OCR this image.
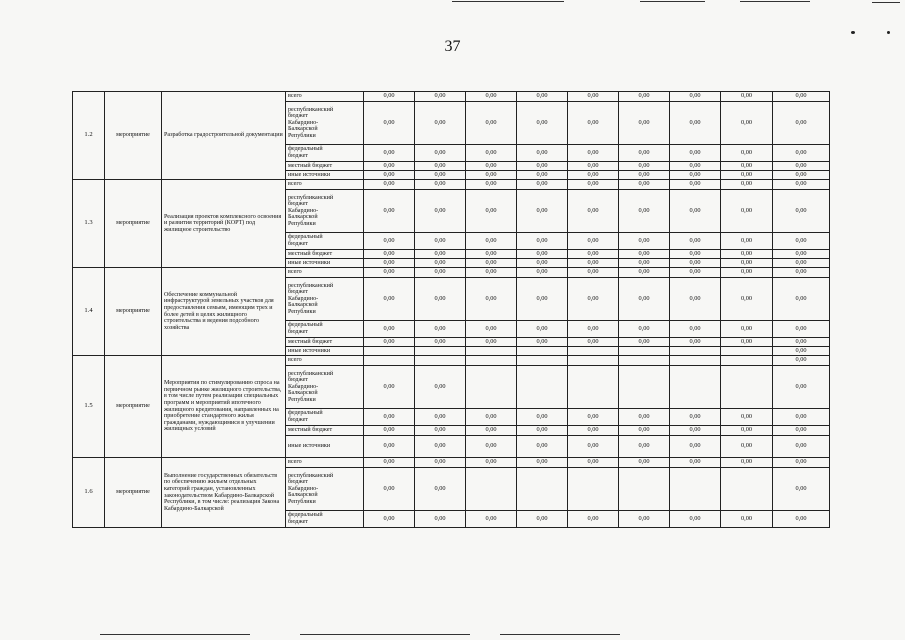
37
1.2	мероприятие	Разработка градостроительной документации	всего	0,00	0,00	0,00	0,00	0,00	0,00	0,00	0,00	0,00
			республиканский
бюджет
Кабардино-
Балкарской
Републики	0,00	0,00	0,00	0,00	0,00	0,00	0,00	0,00	0,00
			федеральный
бюджет	0,00	0,00	0,00	0,00	0,00	0,00	0,00	0,00	0,00
			местный бюджет	0,00	0,00	0,00	0,00	0,00	0,00	0,00	0,00	0,00
			иные источники	0,00	0,00	0,00	0,00	0,00	0,00	0,00	0,00	0,00
1.3	мероприятие	Реализация проектов комплексного освоения и развития территорий (КОРТ) под жилищное строительство	всего	0,00	0,00	0,00	0,00	0,00	0,00	0,00	0,00	0,00
			республиканский
бюджет
Кабардино-
Балкарской
Републики	0,00	0,00	0,00	0,00	0,00	0,00	0,00	0,00	0,00
			федеральный
бюджет	0,00	0,00	0,00	0,00	0,00	0,00	0,00	0,00	0,00
			местный бюджет	0,00	0,00	0,00	0,00	0,00	0,00	0,00	0,00	0,00
			иные источники	0,00	0,00	0,00	0,00	0,00	0,00	0,00	0,00	0,00
1.4	мероприятие	Обеспечение коммунальной инфраструктурой земельных участков для предоставления семьям, имеющим трех и более детей в целях жилищного строительства и ведения подсобного хозяйства	всего	0,00	0,00	0,00	0,00	0,00	0,00	0,00	0,00	0,00
			республиканский
бюджет
Кабардино-
Балкарской
Републики	0,00	0,00	0,00	0,00	0,00	0,00	0,00	0,00	0,00
			федеральный
бюджет	0,00	0,00	0,00	0,00	0,00	0,00	0,00	0,00	0,00
			местный бюджет	0,00	0,00	0,00	0,00	0,00	0,00	0,00	0,00	0,00
			иные источники									0,00
1.5	мероприятие	Мероприятия по стимулированию спроса на первичном рынке жилищного строительства, в том числе путем реализации специальных программ и мероприятий ипотечного жилищного кредитования, направленных на приобретение стандартного жилья гражданами, нуждающимися в улучшении жилищных условий	всего									0,00
			республиканский
бюджет
Кабардино-
Балкарской
Републики	0,00	0,00							0,00
			федеральный
бюджет	0,00	0,00	0,00	0,00	0,00	0,00	0,00	0,00	0,00
			местный бюджет	0,00	0,00	0,00	0,00	0,00	0,00	0,00	0,00	0,00
			иные источники	0,00	0,00	0,00	0,00	0,00	0,00	0,00	0,00	0,00
1.6	мероприятие	Выполнение государственных обязательств по обеспечению жильем отдельных категорий граждан, установленных законодательством Кабардино-Балкарской Республики, в том числе: реализация Закона Кабардино-Балкарской	всего	0,00	0,00	0,00	0,00	0,00	0,00	0,00	0,00	0,00
			республиканский
бюджет
Кабардино-
Балкарской
Републики	0,00	0,00							0,00
			федеральный
бюджет	0,00	0,00	0,00	0,00	0,00	0,00	0,00	0,00	0,00
